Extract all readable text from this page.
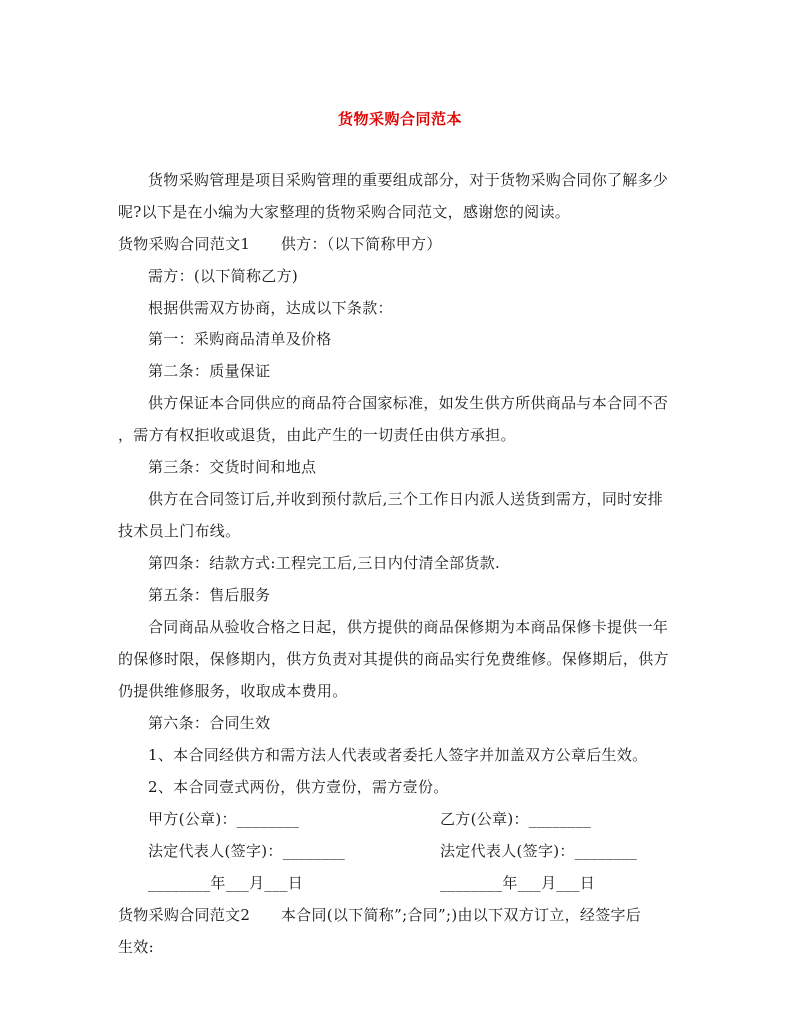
货物采购合同范本
货物采购管理是项目采购管理的重要组成部分，对于货物采购合同你了解多少
呢?以下是在小编为大家整理的货物采购合同范文，感谢您的阅读。
货物采购合同范文1　　供方：（以下简称甲方）
需方：(以下简称乙方)
根据供需双方协商，达成以下条款：
第一：采购商品清单及价格
第二条：质量保证
供方保证本合同供应的商品符合国家标准，如发生供方所供商品与本合同不否
，需方有权拒收或退货，由此产生的一切责任由供方承担。
第三条：交货时间和地点
供方在合同签订后,并收到预付款后,三个工作日内派人送货到需方，同时安排
技术员上门布线。
第四条：结款方式:工程完工后,三日内付清全部货款.
第五条：售后服务
合同商品从验收合格之日起，供方提供的商品保修期为本商品保修卡提供一年
的保修时限，保修期内，供方负责对其提供的商品实行免费维修。保修期后，供方
仍提供维修服务，收取成本费用。
第六条：合同生效
1、本合同经供方和需方法人代表或者委托人签字并加盖双方公章后生效。
2、本合同壹式两份，供方壹份，需方壹份。
甲方(公章)：________	乙方(公章)：________
法定代表人(签字)：________	法定代表人(签字)：________
________年___月___日	________年___月___日
货物采购合同范文2　　本合同(以下简称”;合同”;)由以下双方订立，经签字后
生效:
